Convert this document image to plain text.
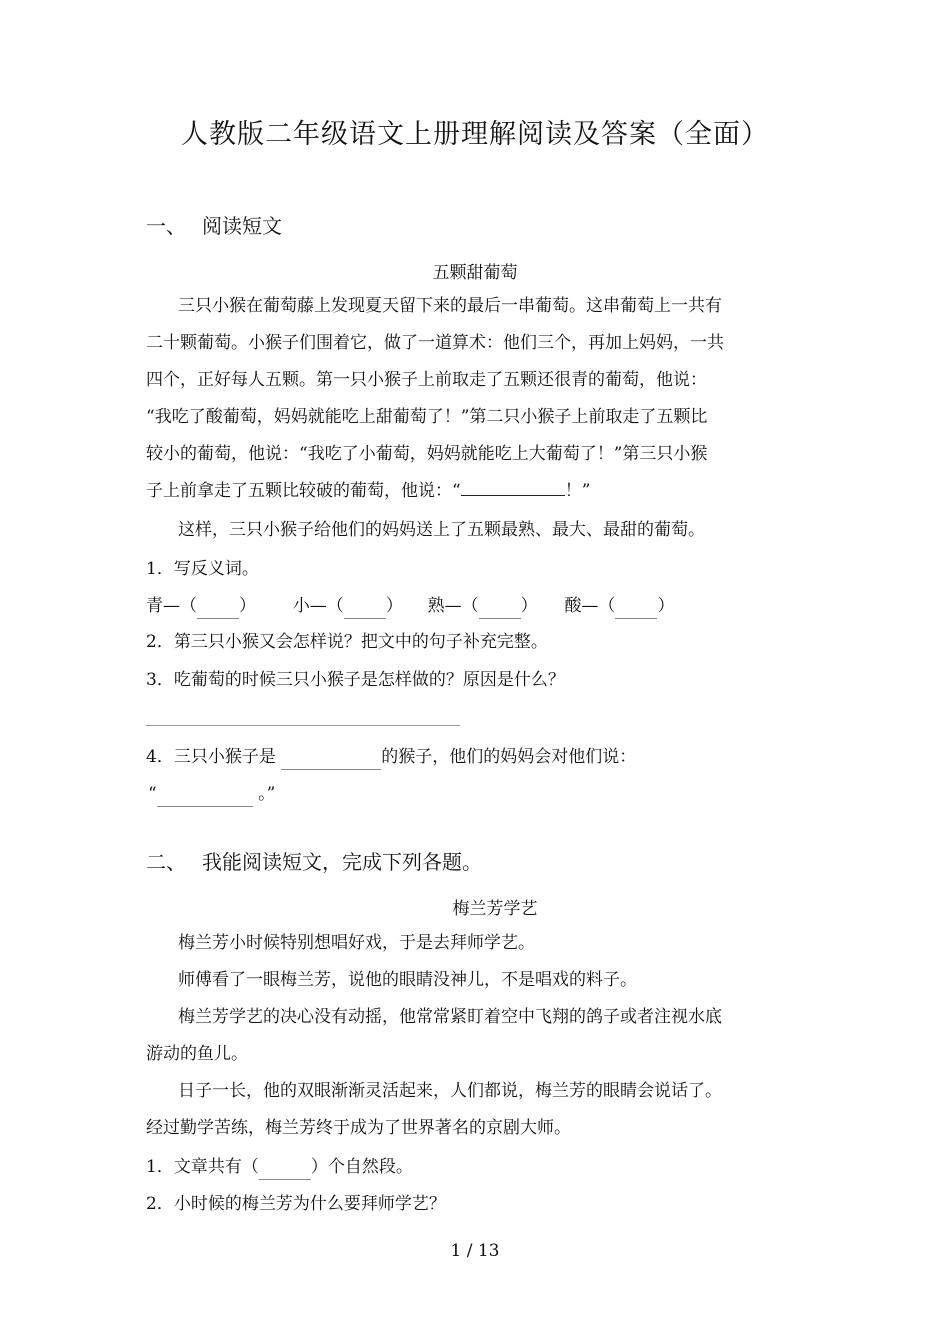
人教版二年级语文上册理解阅读及答案（全面）
一、 阅读短文
五颗甜葡萄
三只小猴在葡萄藤上发现夏天留下来的最后一串葡萄。这串葡萄上一共有
二十颗葡萄。小猴子们围着它，做了一道算术：他们三个，再加上妈妈，一共
四个，正好每人五颗。第一只小猴子上前取走了五颗还很青的葡萄，他说：
“我吃了酸葡萄，妈妈就能吃上甜葡萄了！”第二只小猴子上前取走了五颗比
较小的葡萄，他说：“我吃了小葡萄，妈妈就能吃上大葡萄了！”第三只小猴
子上前拿走了五颗比较破的葡萄，他说：“	！”
这样，三只小猴子给他们的妈妈送上了五颗最熟、最大、最甜的葡萄。
1．写反义词。
青—（ ） 小—（ ） 熟—（ ） 酸—（ ）
2．第三只小猴又会怎样说？把文中的句子补充完整。
3．吃葡萄的时候三只小猴子是怎样做的？原因是什么？
4．三只小猴子是	的猴子，他们的妈妈会对他们说：
“	。”
二、 我能阅读短文，完成下列各题。
梅兰芳学艺
梅兰芳小时候特别想唱好戏，于是去拜师学艺。
师傅看了一眼梅兰芳，说他的眼睛没神儿，不是唱戏的料子。
梅兰芳学艺的决心没有动摇，他常常紧盯着空中飞翔的鸽子或者注视水底
游动的鱼儿。
日子一长，他的双眼渐渐灵活起来，人们都说，梅兰芳的眼睛会说话了。
经过勤学苦练，梅兰芳终于成为了世界著名的京剧大师。
1．文章共有（	）个自然段。
2．小时候的梅兰芳为什么要拜师学艺？
1 / 13
